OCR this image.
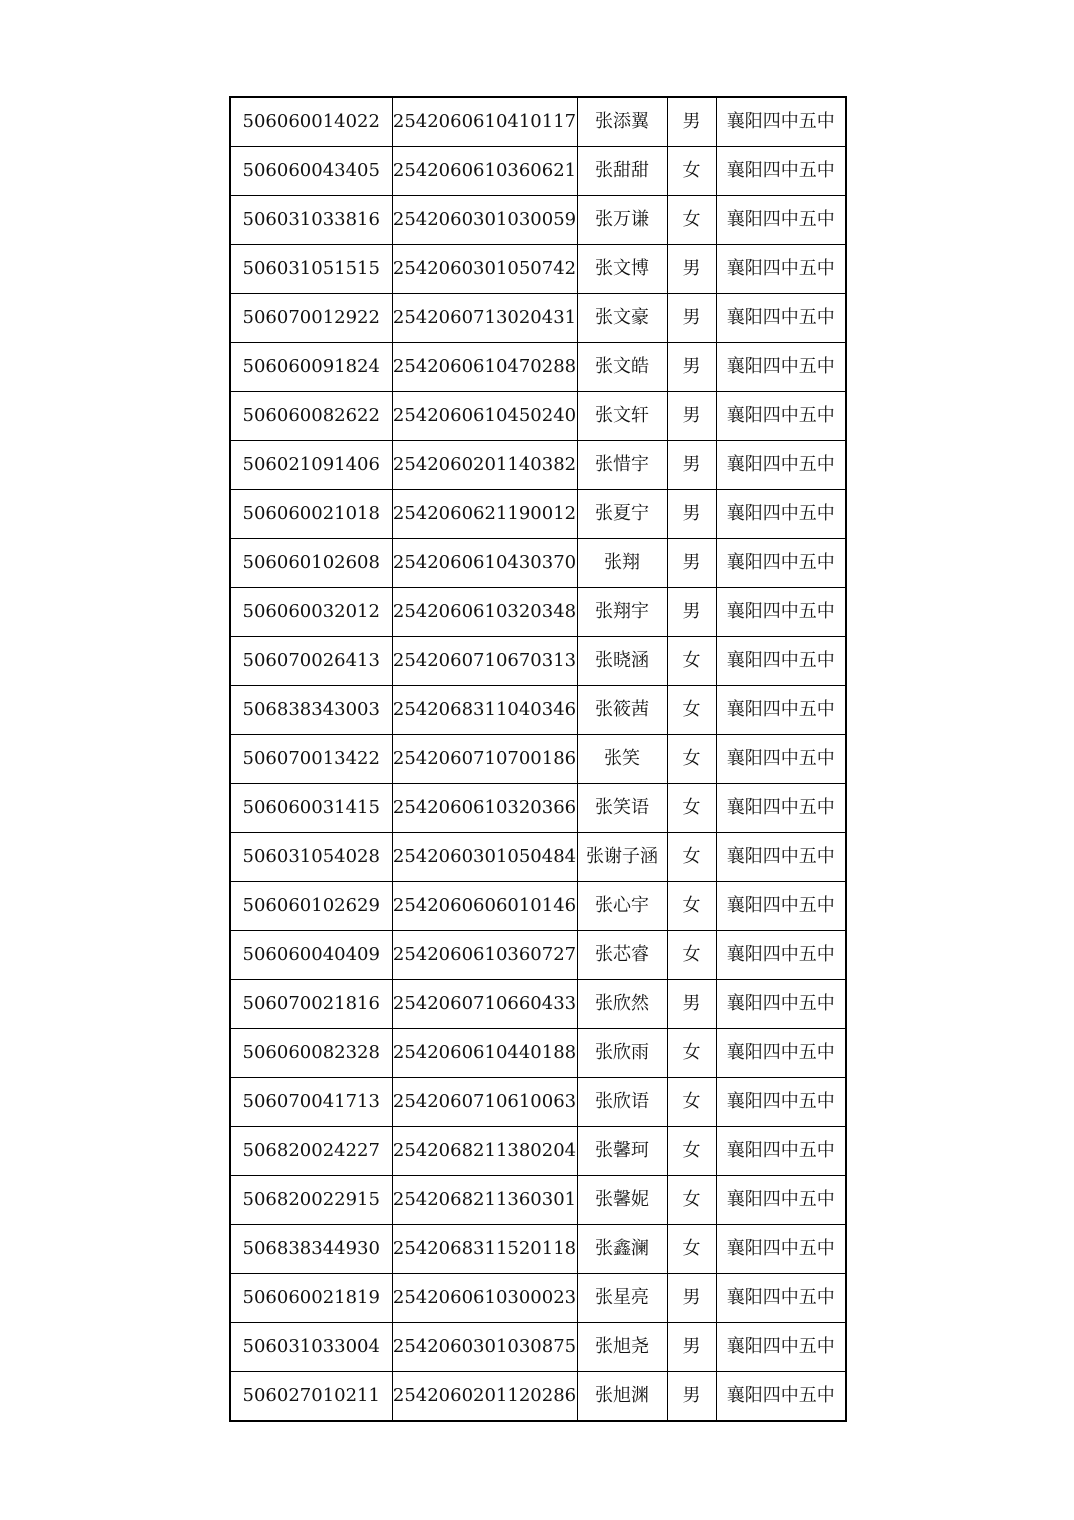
506060014022	2542060610410117	张添翼	男	襄阳四中五中
506060043405	2542060610360621	张甜甜	女	襄阳四中五中
506031033816	2542060301030059	张万谦	女	襄阳四中五中
506031051515	2542060301050742	张文博	男	襄阳四中五中
506070012922	2542060713020431	张文豪	男	襄阳四中五中
506060091824	2542060610470288	张文皓	男	襄阳四中五中
506060082622	2542060610450240	张文轩	男	襄阳四中五中
506021091406	2542060201140382	张惜宇	男	襄阳四中五中
506060021018	2542060621190012	张夏宁	男	襄阳四中五中
506060102608	2542060610430370	张翔	男	襄阳四中五中
506060032012	2542060610320348	张翔宇	男	襄阳四中五中
506070026413	2542060710670313	张晓涵	女	襄阳四中五中
506838343003	2542068311040346	张筱茜	女	襄阳四中五中
506070013422	2542060710700186	张笑	女	襄阳四中五中
506060031415	2542060610320366	张笑语	女	襄阳四中五中
506031054028	2542060301050484	张谢子涵	女	襄阳四中五中
506060102629	2542060606010146	张心宇	女	襄阳四中五中
506060040409	2542060610360727	张芯睿	女	襄阳四中五中
506070021816	2542060710660433	张欣然	男	襄阳四中五中
506060082328	2542060610440188	张欣雨	女	襄阳四中五中
506070041713	2542060710610063	张欣语	女	襄阳四中五中
506820024227	2542068211380204	张馨珂	女	襄阳四中五中
506820022915	2542068211360301	张馨妮	女	襄阳四中五中
506838344930	2542068311520118	张鑫澜	女	襄阳四中五中
506060021819	2542060610300023	张星亮	男	襄阳四中五中
506031033004	2542060301030875	张旭尧	男	襄阳四中五中
506027010211	2542060201120286	张旭渊	男	襄阳四中五中
